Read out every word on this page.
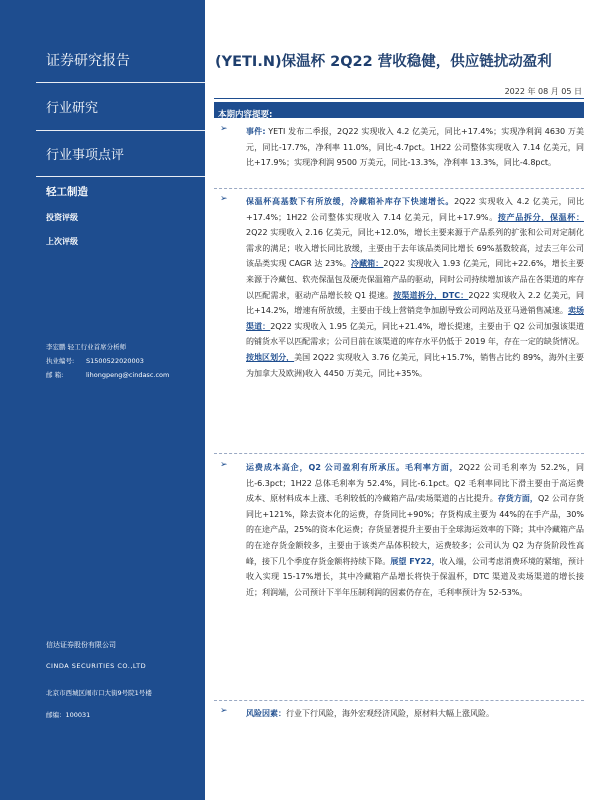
证券研究报告
行业研究
行业事项点评
轻工制造
投资评级
上次评级
李宏鹏 轻工行业首席分析师
执业编号: S1500522020003
邮 箱:	lihongpeng@cindasc.com
信达证券股份有限公司
CINDA SECURITIES CO.,LTD
北京市西城区闹市口大街9号院1号楼
邮编：100031
(YETI.N)保温杯 2Q22 营收稳健，供应链扰动盈利
2022 年 08 月 05 日
本期内容提要:
➢ 事件: YETI 发布二季报，2Q22 实现收入 4.2 亿美元，同比+17.4%；实现净利润 4630 万美元，同比-17.7%，净利率 11.0%，同比-4.7pct。1H22 公司整体实现收入 7.14 亿美元，同比+17.9%；实现净利润 9500 万美元，同比-13.3%，净利率 13.3%，同比-4.8pct。
➢ 保温杯高基数下有所放缓，冷藏箱补库存下快速增长。2Q22 实现收入 4.2 亿美元，同比+17.4%；1H22 公司整体实现收入 7.14 亿美元，同比+17.9%。按产品拆分，保温杯：2Q22 实现收入 2.16 亿美元，同比+12.0%，增长主要来源于产品系列的扩张和公司对定制化需求的满足；收入增长同比放缓，主要由于去年该品类同比增长 69%基数较高，过去三年公司该品类实现 CAGR 达 23%。冷藏箱：2Q22 实现收入 1.93 亿美元，同比+22.6%，增长主要来源于冷藏包、软壳保温包及硬壳保温箱产品的驱动，同时公司持续增加该产品在各渠道的库存以匹配需求，驱动产品增长较 Q1 提速。按渠道拆分，DTC：2Q22 实现收入 2.2 亿美元，同比+14.2%，增速有所放缓，主要由于线上营销竞争加剧导致公司网站及亚马逊销售减速。卖场渠道：2Q22 实现收入 1.95 亿美元，同比+21.4%，增长提速，主要由于 Q2 公司加强该渠道的铺货水平以匹配需求；公司目前在该渠道的库存水平仍低于 2019 年，存在一定的缺货情况。按地区划分，美国 2Q22 实现收入 3.76 亿美元，同比+15.7%，销售占比约 89%，海外(主要为加拿大及欧洲)收入 4450 万美元，同比+35%。
➢ 运费成本高企，Q2 公司盈利有所承压。毛利率方面，2Q22 公司毛利率为 52.2%，同比-6.3pct；1H22 总体毛利率为 52.4%，同比-6.1pct。Q2 毛利率同比下滑主要由于高运费成本、原材料成本上涨、毛利较低的冷藏箱产品/卖场渠道的占比提升。存货方面，Q2 公司存货同比+121%，除去资本化的运费，存货同比+90%；存货构成主要为 44%的在手产品，30%的在途产品，25%的资本化运费；存货显著提升主要由于全球海运效率的下降；其中冷藏箱产品的在途存货金额较多，主要由于该类产品体积较大，运费较多；公司认为 Q2 为存货阶段性高峰，接下几个季度存货金额将持续下降。展望 FY22，收入端，公司考虑消费环境的紧缩，预计收入实现 15-17%增长，其中冷藏箱产品增长将快于保温杯，DTC 渠道及卖场渠道的增长接近；利润端，公司预计下半年压制利润的因素仍存在，毛利率预计为 52-53%。
➢ 风险因素：行业下行风险，海外宏观经济风险，原材料大幅上涨风险。
